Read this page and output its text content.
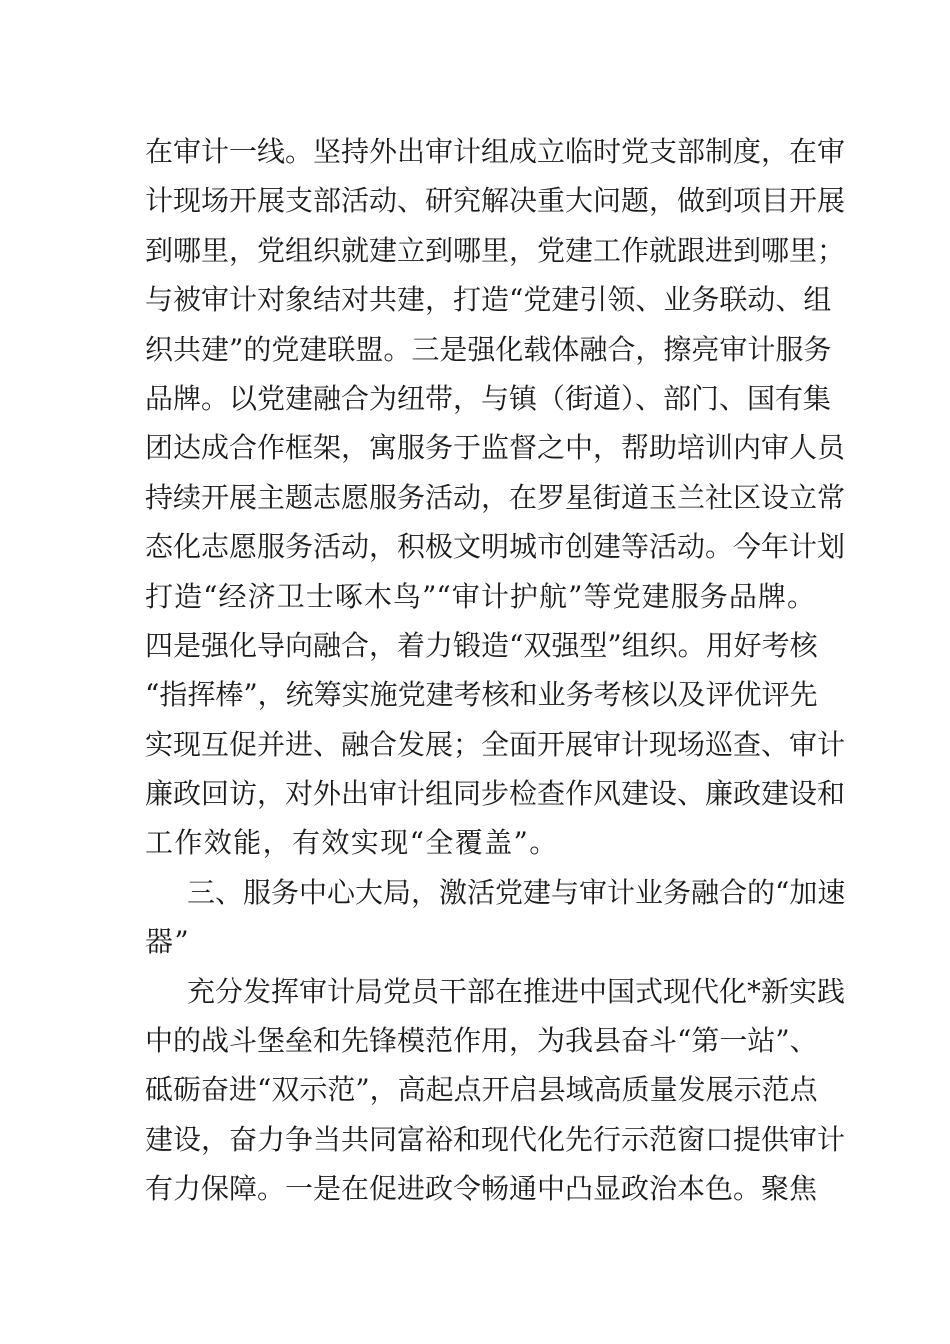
在审计一线。坚持外出审计组成立临时党支部制度，在审
计现场开展支部活动、研究解决重大问题，做到项目开展
到哪里，党组织就建立到哪里，党建工作就跟进到哪里；
与被审计对象结对共建，打造“党建引领、业务联动、组
织共建”的党建联盟。三是强化载体融合，擦亮审计服务
品牌。以党建融合为纽带，与镇（街道）、部门、国有集
团达成合作框架，寓服务于监督之中，帮助培训内审人员
持续开展主题志愿服务活动，在罗星街道玉兰社区设立常
态化志愿服务活动，积极文明城市创建等活动。今年计划
打造“经济卫士啄木鸟”“审计护航”等党建服务品牌。
四是强化导向融合，着力锻造“双强型”组织。用好考核
“指挥棒”，统筹实施党建考核和业务考核以及评优评先
实现互促并进、融合发展；全面开展审计现场巡查、审计
廉政回访，对外出审计组同步检查作风建设、廉政建设和
工作效能，有效实现“全覆盖”。
三、服务中心大局，激活党建与审计业务融合的“加速
器”
充分发挥审计局党员干部在推进中国式现代化*新实践
中的战斗堡垒和先锋模范作用，为我县奋斗“第一站”、
砥砺奋进“双示范”，高起点开启县域高质量发展示范点
建设，奋力争当共同富裕和现代化先行示范窗口提供审计
有力保障。一是在促进政令畅通中凸显政治本色。聚焦
